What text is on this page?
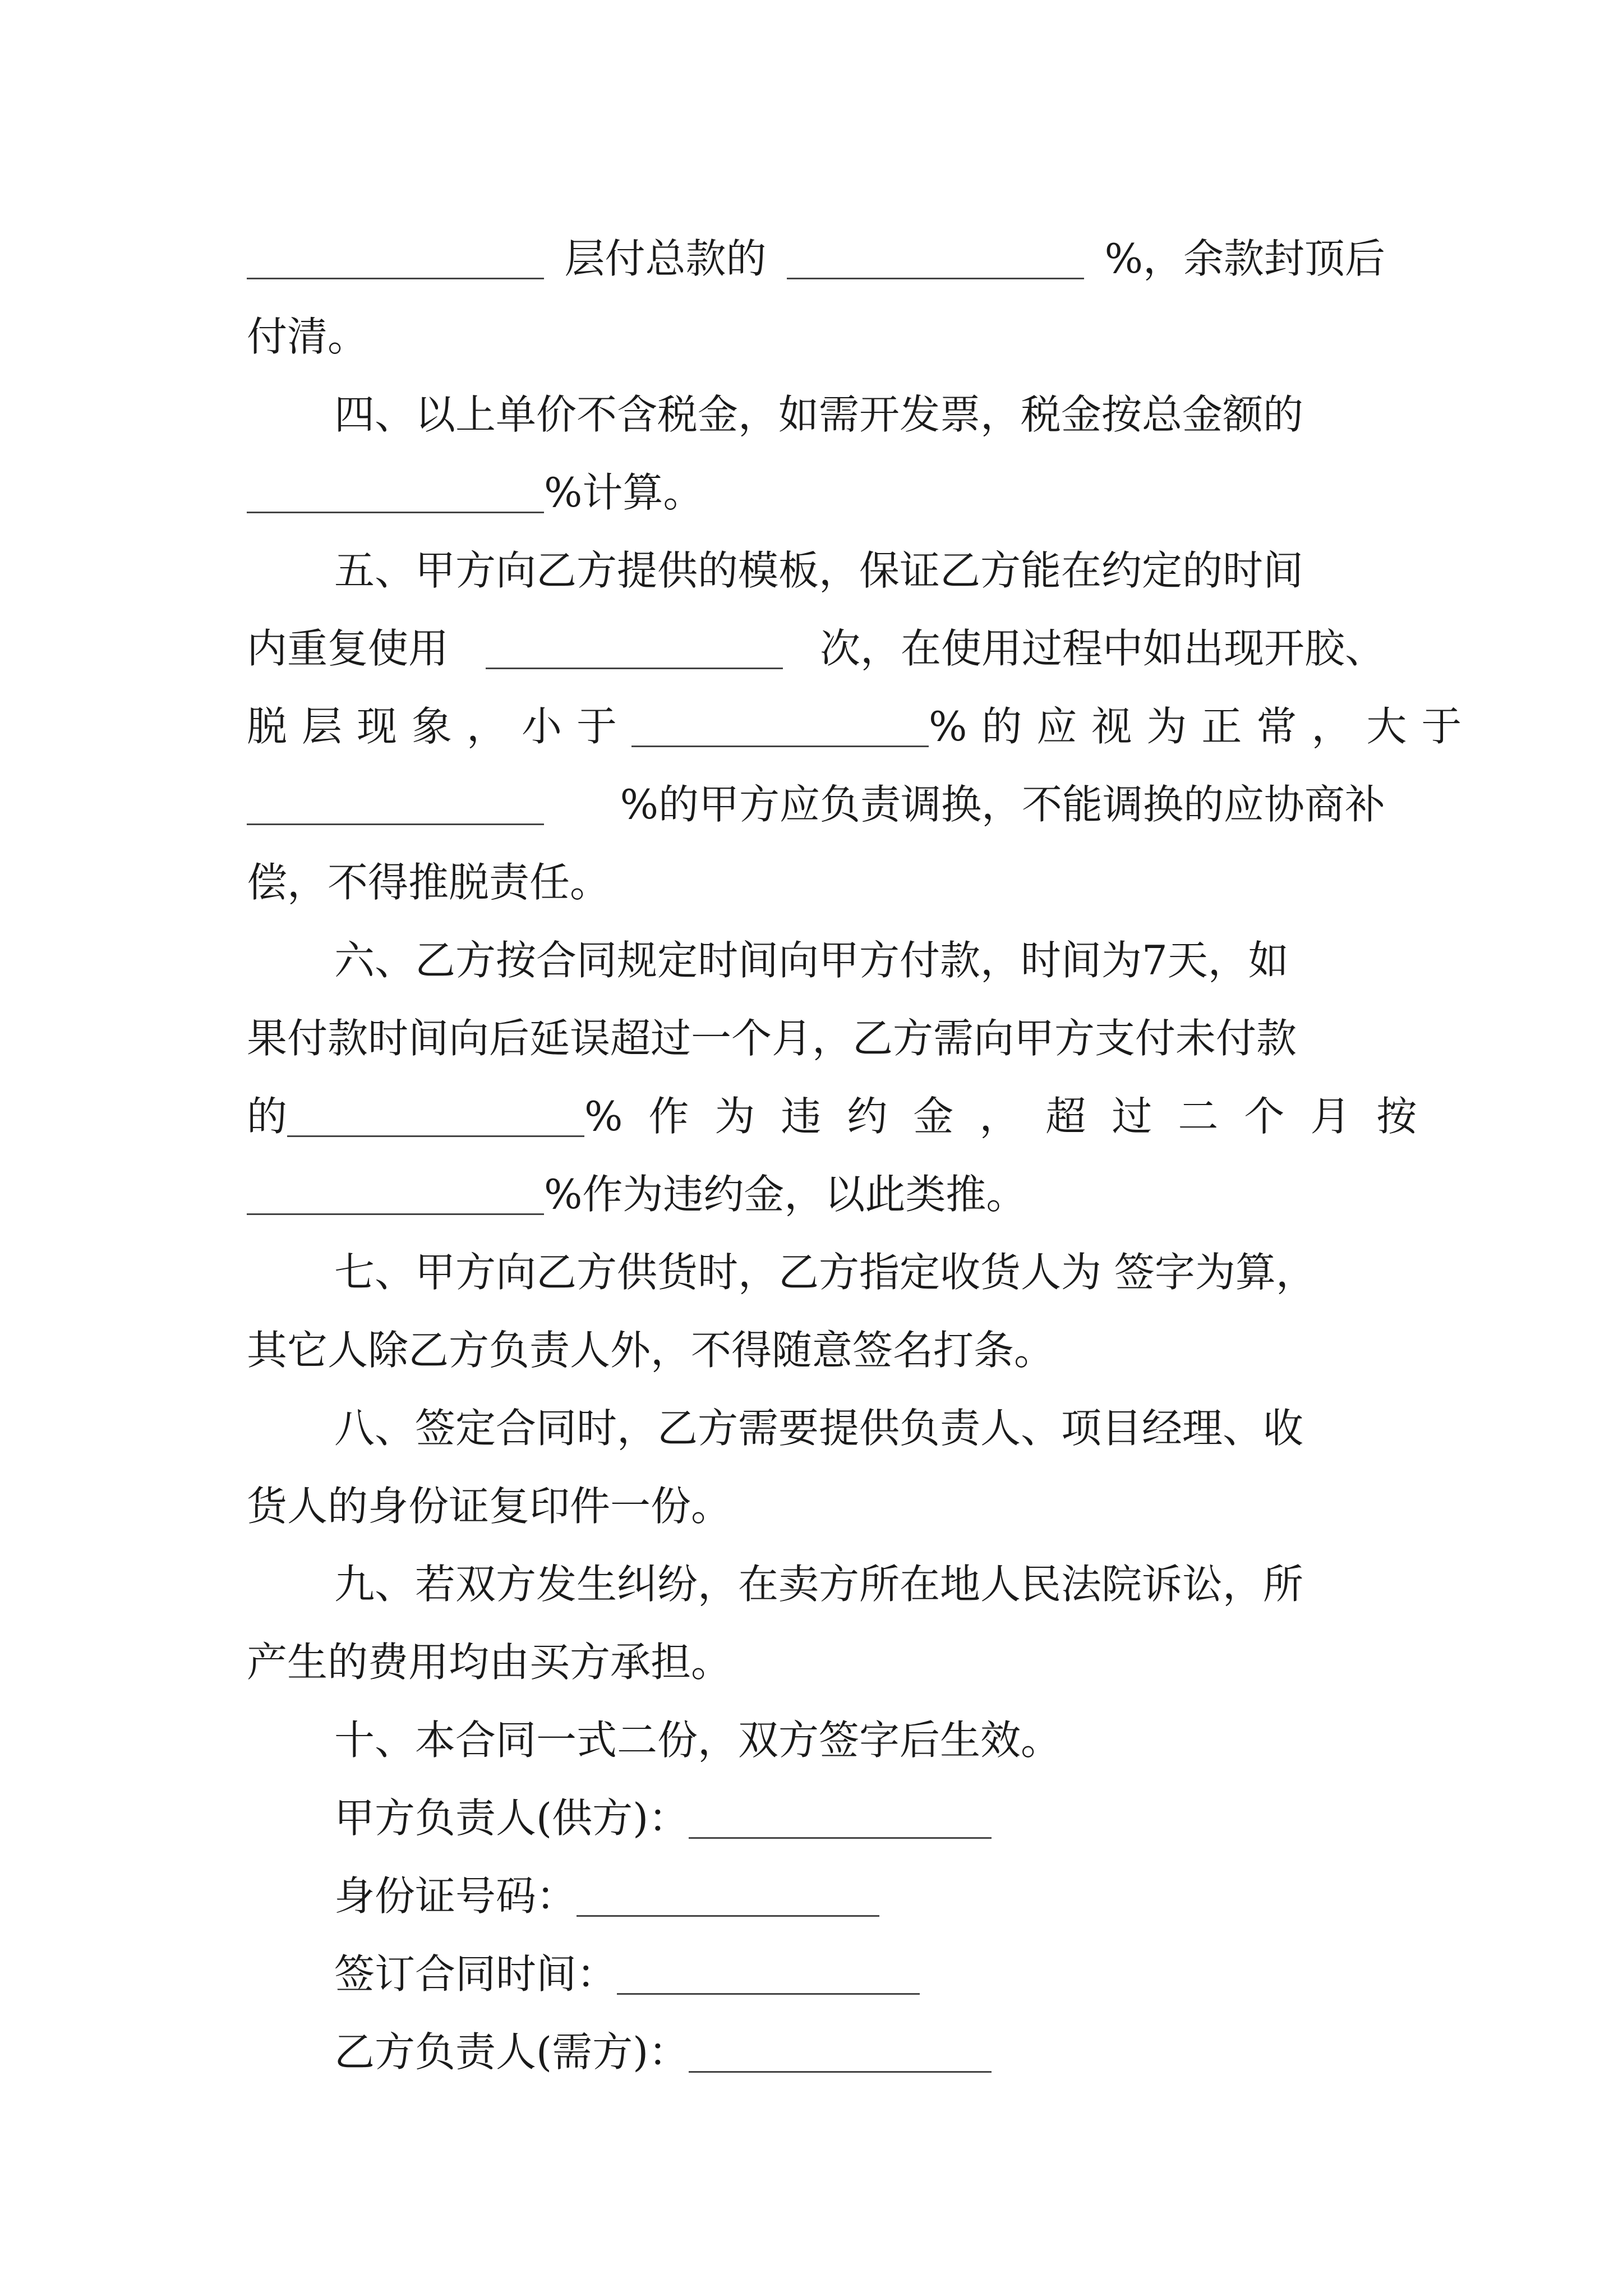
层付总款的	%，余款封顶后
付清。
四、以上单价不含税金，如需开发票，税金按总金额的
%计算。
五、甲方向乙方提供的模板，保证乙方能在约定的时间
内重复使用	次，在使用过程中如出现开胶、
脱层现象，小于	%的应视为正常，大于
%的甲方应负责调换，不能调换的应协商补
偿，不得推脱责任。
六、乙方按合同规定时间向甲方付款，时间为7天，如
果付款时间向后延误超过一个月，乙方需向甲方支付未付款
的	%作为违约金，超过二个月按
%作为违约金，以此类推。
七、甲方向乙方供货时，乙方指定收货人为 签字为算，
其它人除乙方负责人外，不得随意签名打条。
八、签定合同时，乙方需要提供负责人、项目经理、收
货人的身份证复印件一份。
九、若双方发生纠纷，在卖方所在地人民法院诉讼，所
产生的费用均由买方承担。
十、本合同一式二份，双方签字后生效。
甲方负责人(供方)：
身份证号码：
签订合同时间：
乙方负责人(需方)：
